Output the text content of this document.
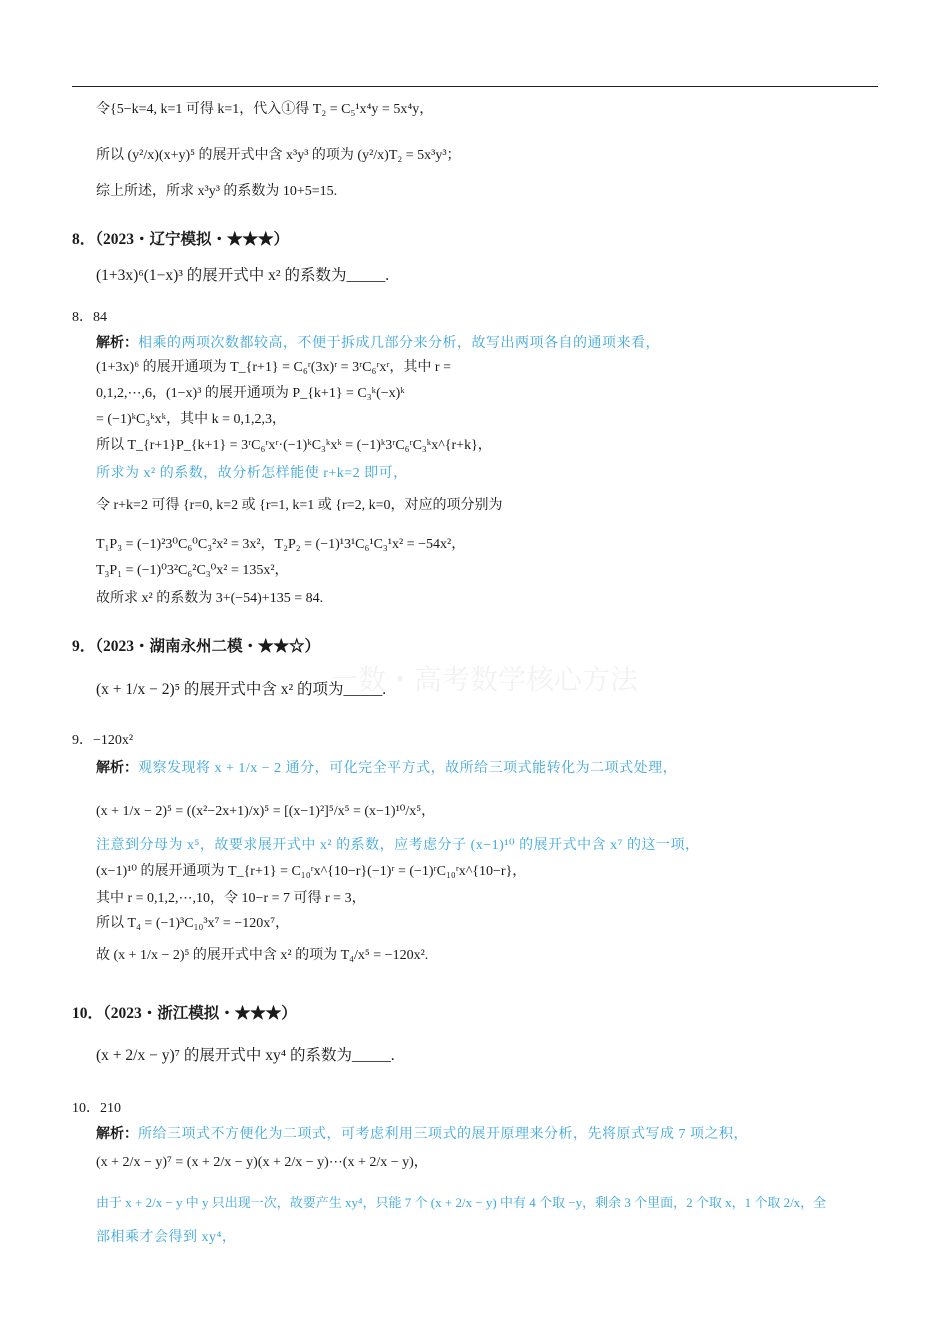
一数・高考数学核心方法
令{5−k=4, k=1 可得 k=1，代入①得 T₂ = C₅¹x⁴y = 5x⁴y，
所以 (y²/x)(x+y)⁵ 的展开式中含 x³y³ 的项为 (y²/x)T₂ = 5x³y³；
综上所述，所求 x³y³ 的系数为 10+5=15.
8．（2023・辽宁模拟・★★★）
(1+3x)⁶(1−x)³ 的展开式中 x² 的系数为_____.
8．84
解析：相乘的两项次数都较高，不便于拆成几部分来分析，故写出两项各自的通项来看，
(1+3x)⁶ 的展开通项为 T_{r+1} = C₆ʳ(3x)ʳ = 3ʳC₆ʳxʳ，其中 r =
0,1,2,⋯,6，(1−x)³ 的展开通项为 P_{k+1} = C₃ᵏ(−x)ᵏ
= (−1)ᵏC₃ᵏxᵏ，其中 k = 0,1,2,3，
所以 T_{r+1}P_{k+1} = 3ʳC₆ʳxʳ·(−1)ᵏC₃ᵏxᵏ = (−1)ᵏ3ʳC₆ʳC₃ᵏx^{r+k}，
所求为 x² 的系数，故分析怎样能使 r+k=2 即可，
令 r+k=2 可得 {r=0, k=2 或 {r=1, k=1 或 {r=2, k=0，对应的项分别为
T₁P₃ = (−1)²3⁰C₆⁰C₃²x² = 3x²，T₂P₂ = (−1)¹3¹C₆¹C₃¹x² = −54x²，
T₃P₁ = (−1)⁰3²C₆²C₃⁰x² = 135x²，
故所求 x² 的系数为 3+(−54)+135 = 84.
9．（2023・湖南永州二模・★★☆）
(x + 1/x − 2)⁵ 的展开式中含 x² 的项为_____.
9．−120x²
解析：观察发现将 x + 1/x − 2 通分，可化完全平方式，故所给三项式能转化为二项式处理，
(x + 1/x − 2)⁵ = ((x²−2x+1)/x)⁵ = [(x−1)²]⁵/x⁵ = (x−1)¹⁰/x⁵，
注意到分母为 x⁵，故要求展开式中 x² 的系数，应考虑分子 (x−1)¹⁰ 的展开式中含 x⁷ 的这一项，
(x−1)¹⁰ 的展开通项为 T_{r+1} = C₁₀ʳx^{10−r}(−1)ʳ = (−1)ʳC₁₀ʳx^{10−r}，
其中 r = 0,1,2,⋯,10，令 10−r = 7 可得 r = 3，
所以 T₄ = (−1)³C₁₀³x⁷ = −120x⁷，
故 (x + 1/x − 2)⁵ 的展开式中含 x² 的项为 T₄/x⁵ = −120x².
10．（2023・浙江模拟・★★★）
(x + 2/x − y)⁷ 的展开式中 xy⁴ 的系数为_____.
10．210
解析：所给三项式不方便化为二项式，可考虑利用三项式的展开原理来分析，先将原式写成 7 项之积，
(x + 2/x − y)⁷ = (x + 2/x − y)(x + 2/x − y)⋯(x + 2/x − y)，
由于 x + 2/x − y 中 y 只出现一次，故要产生 xy⁴，只能 7 个 (x + 2/x − y) 中有 4 个取 −y，剩余 3 个里面，2 个取 x，1 个取 2/x，全
部相乘才会得到 xy⁴，
